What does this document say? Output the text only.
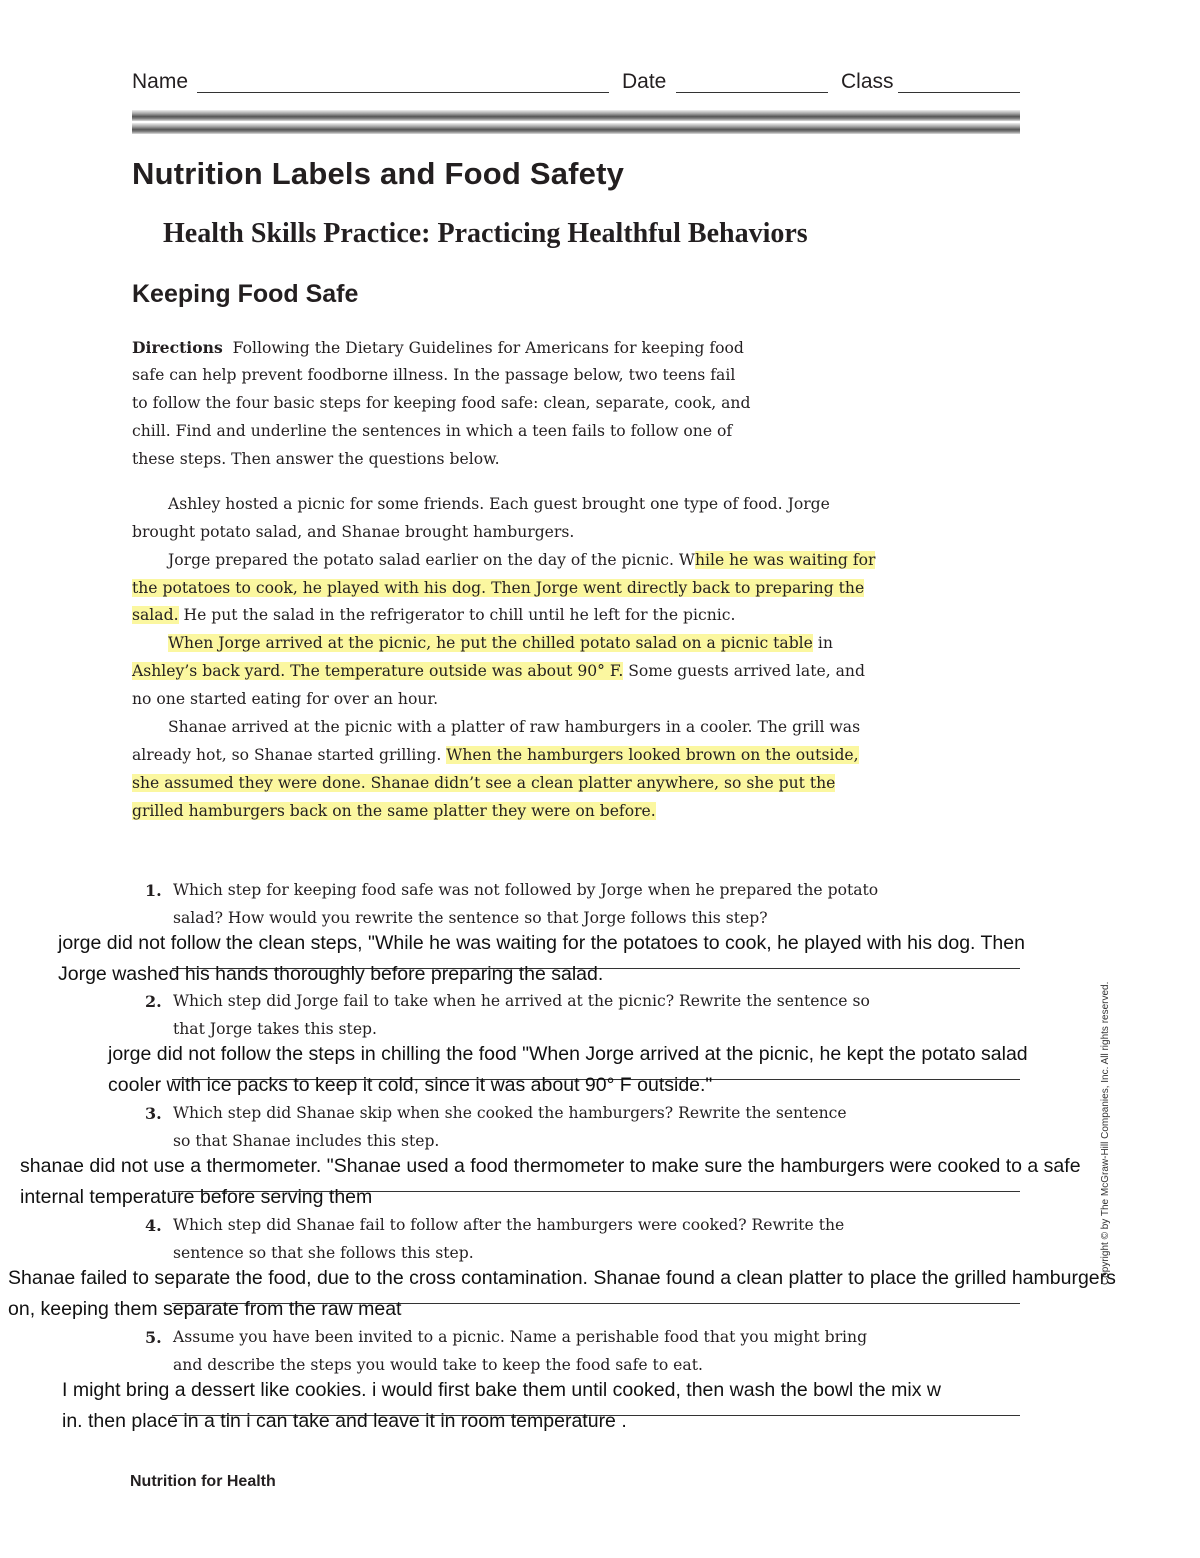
Name	Date	Class
Nutrition Labels and Food Safety
Health Skills Practice: Practicing Healthful Behaviors
Keeping Food Safe
Directions Following the Dietary Guidelines for Americans for keeping food
safe can help prevent foodborne illness. In the passage below, two teens fail
to follow the four basic steps for keeping food safe: clean, separate, cook, and
chill. Find and underline the sentences in which a teen fails to follow one of
these steps. Then answer the questions below.
Ashley hosted a picnic for some friends. Each guest brought one type of food. Jorge
brought potato salad, and Shanae brought hamburgers.
Jorge prepared the potato salad earlier on the day of the picnic. While he was waiting for
the potatoes to cook, he played with his dog. Then Jorge went directly back to preparing the
salad. He put the salad in the refrigerator to chill until he left for the picnic.
When Jorge arrived at the picnic, he put the chilled potato salad on a picnic table in
Ashley’s back yard. The temperature outside was about 90° F. Some guests arrived late, and
no one started eating for over an hour.
Shanae arrived at the picnic with a platter of raw hamburgers in a cooler. The grill was
already hot, so Shanae started grilling. When the hamburgers looked brown on the outside,
she assumed they were done. Shanae didn’t see a clean platter anywhere, so she put the
grilled hamburgers back on the same platter they were on before.
1. Which step for keeping food safe was not followed by Jorge when he prepared the potato
salad? How would you rewrite the sentence so that Jorge follows this step?
jorge did not follow the clean steps, "While he was waiting for the potatoes to cook, he played with his dog. Then
Jorge washed his hands thoroughly before preparing the salad.
2. Which step did Jorge fail to take when he arrived at the picnic? Rewrite the sentence so
that Jorge takes this step.
jorge did not follow the steps in chilling the food "When Jorge arrived at the picnic, he kept the potato salad
cooler with ice packs to keep it cold, since it was about 90° F outside."
3. Which step did Shanae skip when she cooked the hamburgers? Rewrite the sentence
so that Shanae includes this step.
shanae did not use a thermometer. "Shanae used a food thermometer to make sure the hamburgers were cooked to a safe
internal temperature before serving them
4. Which step did Shanae fail to follow after the hamburgers were cooked? Rewrite the
sentence so that she follows this step.
Shanae failed to separate the food, due to the cross contamination. Shanae found a clean platter to place the grilled hamburgers
on, keeping them separate from the raw meat
5. Assume you have been invited to a picnic. Name a perishable food that you might bring
and describe the steps you would take to keep the food safe to eat.
I might bring a dessert like cookies. i would first bake them until cooked, then wash the bowl the mix w
in. then place in a tin i can take and leave it in room temperature .
Copyright © by The McGraw-Hill Companies, Inc. All rights reserved.
Nutrition for Health
